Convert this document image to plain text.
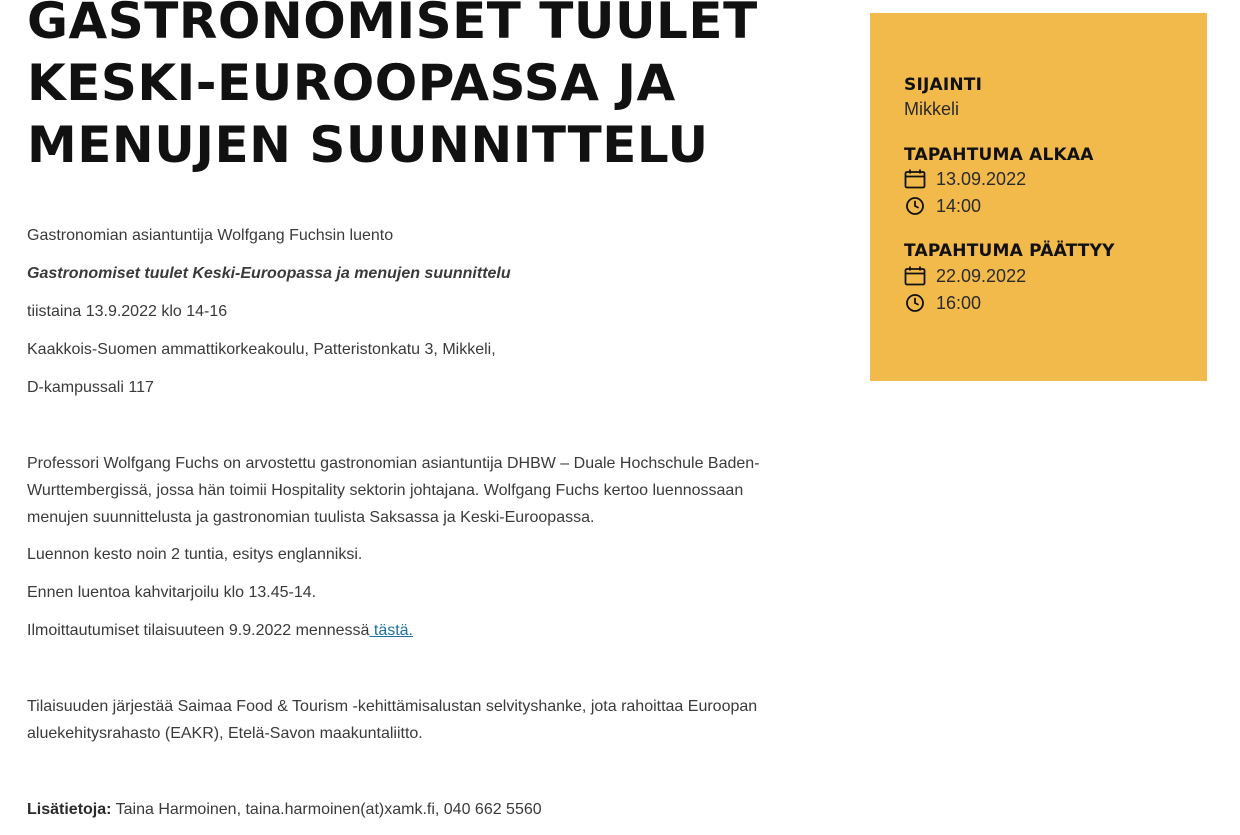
GASTRONOMISET TUULET KESKI-EUROOPASSA JA MENUJEN SUUNNITTELU

Gastronomian asiantuntija Wolfgang Fuchsin luento

Gastronomiset tuulet Keski-Euroopassa ja menujen suunnittelu

tiistaina 13.9.2022 klo 14-16

Kaakkois-Suomen ammattikorkeakoulu, Patteristonkatu 3, Mikkeli,

D-kampussali 117

Professori Wolfgang Fuchs on arvostettu gastronomian asiantuntija DHBW – Duale Hochschule Baden-Wurttembergissä, jossa hän toimii Hospitality sektorin johtajana. Wolfgang Fuchs kertoo luennossaan menujen suunnittelusta ja gastronomian tuulista Saksassa ja Keski-Euroopassa.

Luennon kesto noin 2 tuntia, esitys englanniksi.

Ennen luentoa kahvitarjoilu klo 13.45-14.

Ilmoittautumiset tilaisuuteen 9.9.2022 mennessä tästä.

Tilaisuuden järjestää Saimaa Food & Tourism -kehittämisalustan selvityshanke, jota rahoittaa Euroopan aluekehitysrahasto (EAKR), Etelä-Savon maakuntaliitto.

Lisätietoja: Taina Harmoinen, taina.harmoinen(at)xamk.fi, 040 662 5560

SIJAINTI

Mikkeli

TAPAHTUMA ALKAA

13.09.2022
14:00

TAPAHTUMA PÄÄTTYY

22.09.2022
16:00
